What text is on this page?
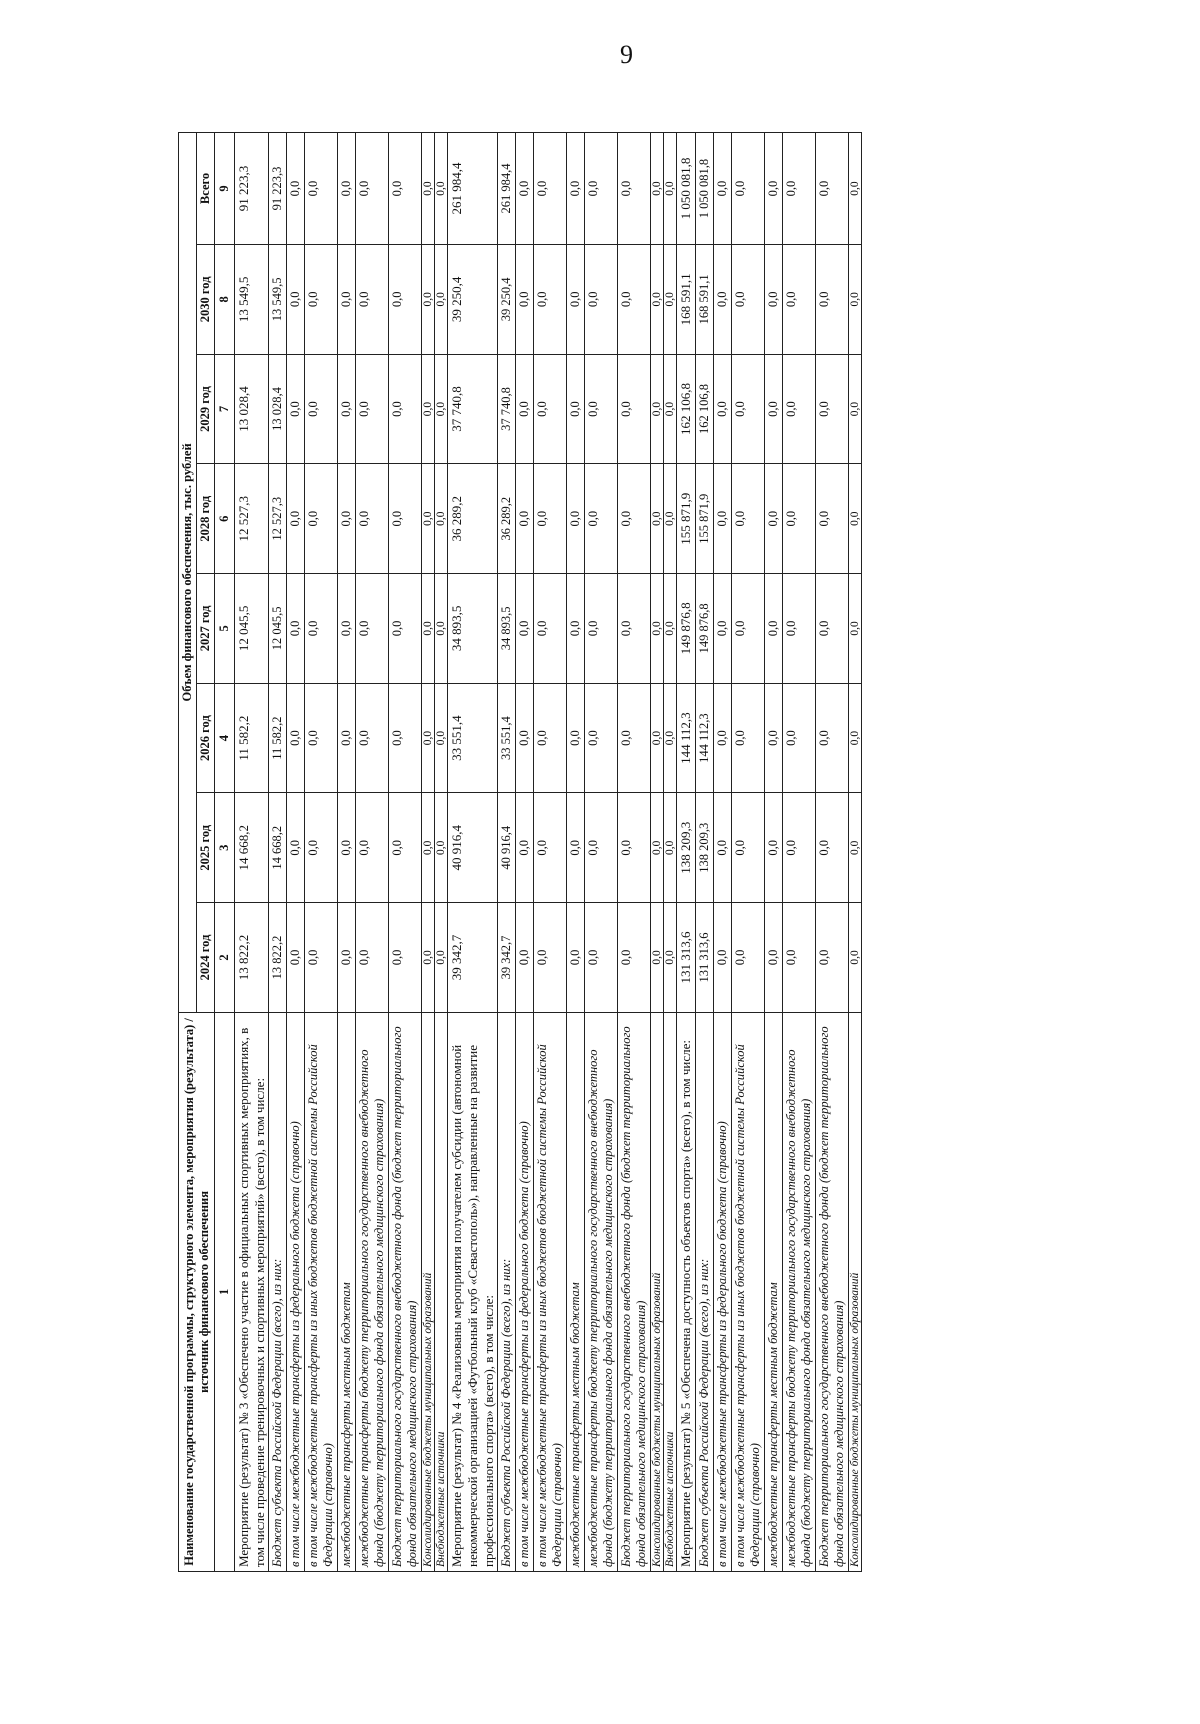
9
Наименование государственной программы, структурного элемента, мероприятия (результата) / источник финансового обеспечения	Объем финансового обеспечения, тыс. рублей							
	2024 год	2025 год	2026 год	2027 год	2028 год	2029 год	2030 год	Всего
1	2	3	4	5	6	7	8	9
Мероприятие (результат) № 3 «Обеспечено участие в официальных спортивных мероприятиях, в том числе проведение тренировочных и спортивных мероприятий» (всего), в том числе:	13 822,2	14 668,2	11 582,2	12 045,5	12 527,3	13 028,4	13 549,5	91 223,3
Бюджет субъекта Российской Федерации (всего), из них:	13 822,2	14 668,2	11 582,2	12 045,5	12 527,3	13 028,4	13 549,5	91 223,3
в том числе межбюджетные трансферты из федерального бюджета (справочно)	0,0	0,0	0,0	0,0	0,0	0,0	0,0	0,0
в том числе межбюджетные трансферты из иных бюджетов бюджетной системы Российской Федерации (справочно)	0,0	0,0	0,0	0,0	0,0	0,0	0,0	0,0
межбюджетные трансферты местным бюджетам	0,0	0,0	0,0	0,0	0,0	0,0	0,0	0,0
межбюджетные трансферты бюджету территориального государственного внебюджетного фонда (бюджету территориального фонда обязательного медицинского страхования)	0,0	0,0	0,0	0,0	0,0	0,0	0,0	0,0
Бюджет территориального государственного внебюджетного фонда (бюджет территориального фонда обязательного медицинского страхования)	0,0	0,0	0,0	0,0	0,0	0,0	0,0	0,0
Консолидированные бюджеты муниципальных образований	0,0	0,0	0,0	0,0	0,0	0,0	0,0	0,0
Внебюджетные источники	0,0	0,0	0,0	0,0	0,0	0,0	0,0	0,0
Мероприятие (результат) № 4 «Реализованы мероприятия получателем субсидии (автономной некоммерческой организацией «Футбольный клуб «Севастополь»), направленные на развитие профессионального спорта» (всего), в том числе:	39 342,7	40 916,4	33 551,4	34 893,5	36 289,2	37 740,8	39 250,4	261 984,4
Бюджет субъекта Российской Федерации (всего), из них:	39 342,7	40 916,4	33 551,4	34 893,5	36 289,2	37 740,8	39 250,4	261 984,4
в том числе межбюджетные трансферты из федерального бюджета (справочно)	0,0	0,0	0,0	0,0	0,0	0,0	0,0	0,0
в том числе межбюджетные трансферты из иных бюджетов бюджетной системы Российской Федерации (справочно)	0,0	0,0	0,0	0,0	0,0	0,0	0,0	0,0
межбюджетные трансферты местным бюджетам	0,0	0,0	0,0	0,0	0,0	0,0	0,0	0,0
межбюджетные трансферты бюджету территориального государственного внебюджетного фонда (бюджету территориального фонда обязательного медицинского страхования)	0,0	0,0	0,0	0,0	0,0	0,0	0,0	0,0
Бюджет территориального государственного внебюджетного фонда (бюджет территориального фонда обязательного медицинского страхования)	0,0	0,0	0,0	0,0	0,0	0,0	0,0	0,0
Консолидированные бюджеты муниципальных образований	0,0	0,0	0,0	0,0	0,0	0,0	0,0	0,0
Внебюджетные источники	0,0	0,0	0,0	0,0	0,0	0,0	0,0	0,0
Мероприятие (результат) № 5 «Обеспечена доступность объектов спорта» (всего), в том числе:	131 313,6	138 209,3	144 112,3	149 876,8	155 871,9	162 106,8	168 591,1	1 050 081,8
Бюджет субъекта Российской Федерации (всего), из них:	131 313,6	138 209,3	144 112,3	149 876,8	155 871,9	162 106,8	168 591,1	1 050 081,8
в том числе межбюджетные трансферты из федерального бюджета (справочно)	0,0	0,0	0,0	0,0	0,0	0,0	0,0	0,0
в том числе межбюджетные трансферты из иных бюджетов бюджетной системы Российской Федерации (справочно)	0,0	0,0	0,0	0,0	0,0	0,0	0,0	0,0
межбюджетные трансферты местным бюджетам	0,0	0,0	0,0	0,0	0,0	0,0	0,0	0,0
межбюджетные трансферты бюджету территориального государственного внебюджетного фонда (бюджету территориального фонда обязательного медицинского страхования)	0,0	0,0	0,0	0,0	0,0	0,0	0,0	0,0
Бюджет территориального государственного внебюджетного фонда (бюджет территориального фонда обязательного медицинского страхования)	0,0	0,0	0,0	0,0	0,0	0,0	0,0	0,0
Консолидированные бюджеты муниципальных образований	0,0	0,0	0,0	0,0	0,0	0,0	0,0	0,0
